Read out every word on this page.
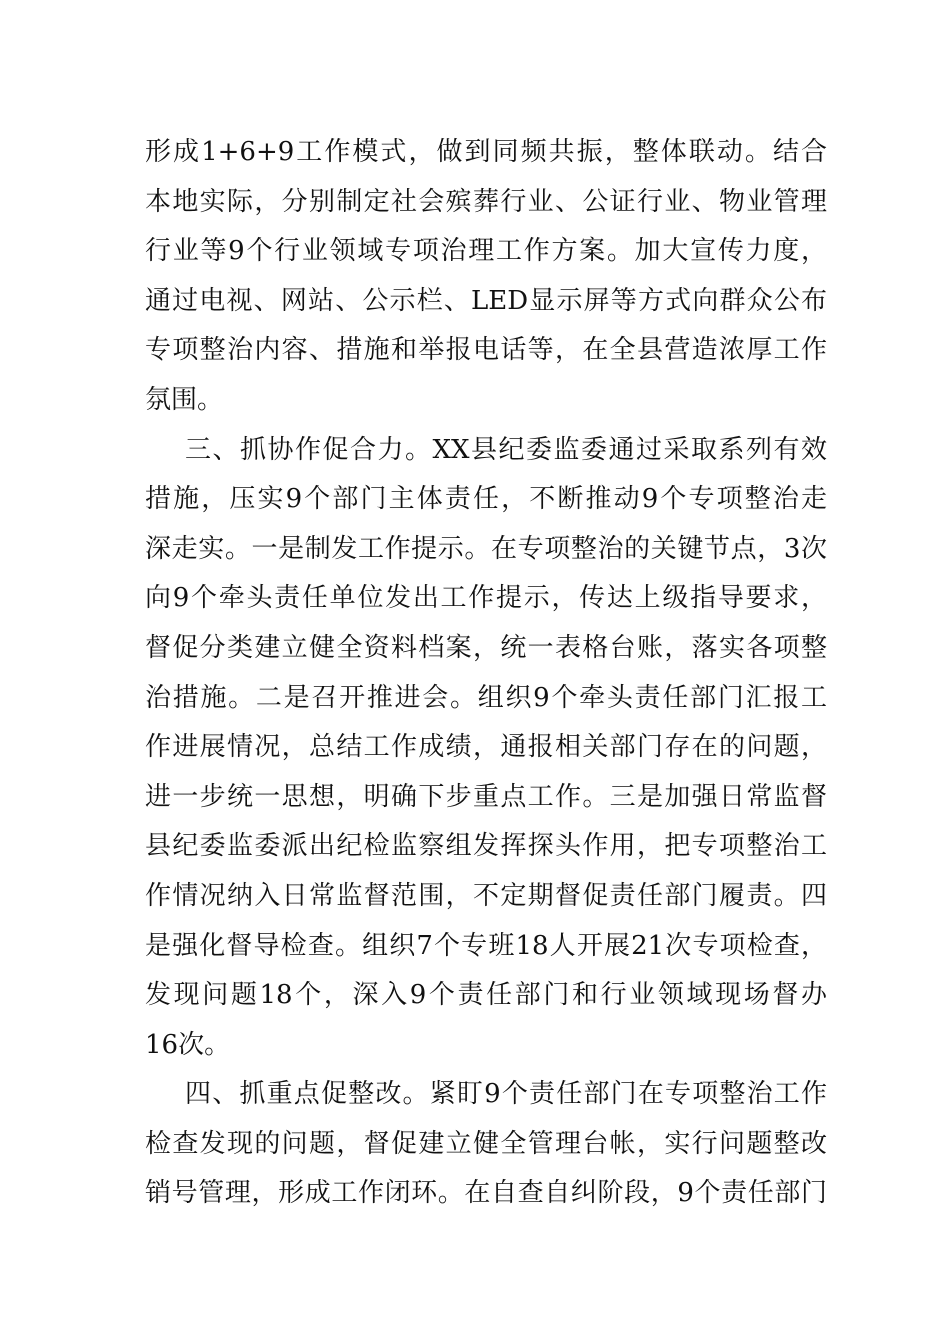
形成1+6+9工作模式，做到同频共振，整体联动。结合
本地实际，分别制定社会殡葬行业、公证行业、物业管理
行业等9个行业领域专项治理工作方案。加大宣传力度，
通过电视、网站、公示栏、LED显示屏等方式向群众公布
专项整治内容、措施和举报电话等，在全县营造浓厚工作
氛围。
三、抓协作促合力。XX县纪委监委通过采取系列有效
措施，压实9个部门主体责任，不断推动9个专项整治走
深走实。一是制发工作提示。在专项整治的关键节点，3次
向9个牵头责任单位发出工作提示，传达上级指导要求，
督促分类建立健全资料档案，统一表格台账，落实各项整
治措施。二是召开推进会。组织9个牵头责任部门汇报工
作进展情况，总结工作成绩，通报相关部门存在的问题，
进一步统一思想，明确下步重点工作。三是加强日常监督
县纪委监委派出纪检监察组发挥探头作用，把专项整治工
作情况纳入日常监督范围，不定期督促责任部门履责。四
是强化督导检查。组织7个专班18人开展21次专项检查，
发现问题18个，深入9个责任部门和行业领域现场督办
16次。
四、抓重点促整改。紧盯9个责任部门在专项整治工作
检查发现的问题，督促建立健全管理台帐，实行问题整改
销号管理，形成工作闭环。在自查自纠阶段，9个责任部门
